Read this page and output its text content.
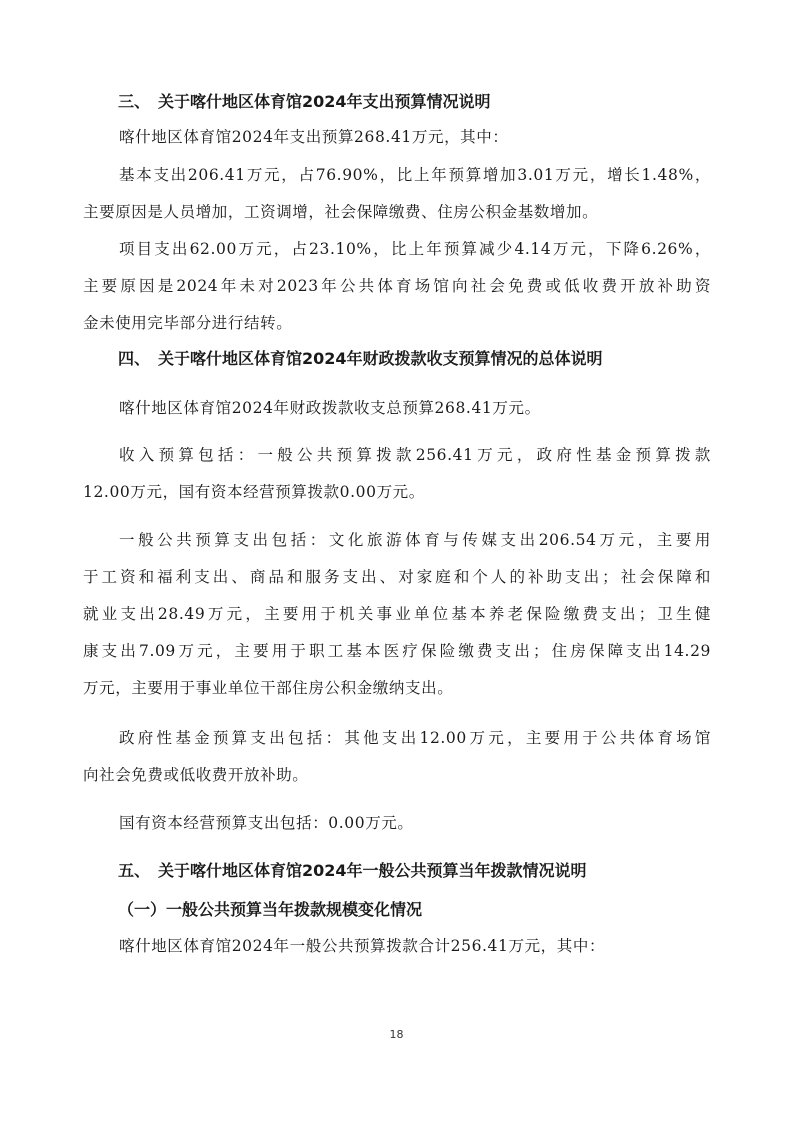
三、 关于喀什地区体育馆2024年支出预算情况说明
喀什地区体育馆2024年支出预算268.41万元，其中：
基本支出206.41万元，占76.90%，比上年预算增加3.01万元，增长1.48%，
主要原因是人员增加，工资调增，社会保障缴费、住房公积金基数增加。
项目支出62.00万元，占23.10%，比上年预算减少4.14万元，下降6.26%，
主要原因是2024年未对2023年公共体育场馆向社会免费或低收费开放补助资
金未使用完毕部分进行结转。
四、 关于喀什地区体育馆2024年财政拨款收支预算情况的总体说明
喀什地区体育馆2024年财政拨款收支总预算268.41万元。
收入预算包括：一般公共预算拨款256.41万元，政府性基金预算拨款
12.00万元，国有资本经营预算拨款0.00万元。
一般公共预算支出包括：文化旅游体育与传媒支出206.54万元，主要用
于工资和福利支出、商品和服务支出、对家庭和个人的补助支出；社会保障和
就业支出28.49万元，主要用于机关事业单位基本养老保险缴费支出；卫生健
康支出7.09万元，主要用于职工基本医疗保险缴费支出；住房保障支出14.29
万元，主要用于事业单位干部住房公积金缴纳支出。
政府性基金预算支出包括：其他支出12.00万元，主要用于公共体育场馆
向社会免费或低收费开放补助。
国有资本经营预算支出包括：0.00万元。
五、 关于喀什地区体育馆2024年一般公共预算当年拨款情况说明
（一）一般公共预算当年拨款规模变化情况
喀什地区体育馆2024年一般公共预算拨款合计256.41万元，其中：
18
